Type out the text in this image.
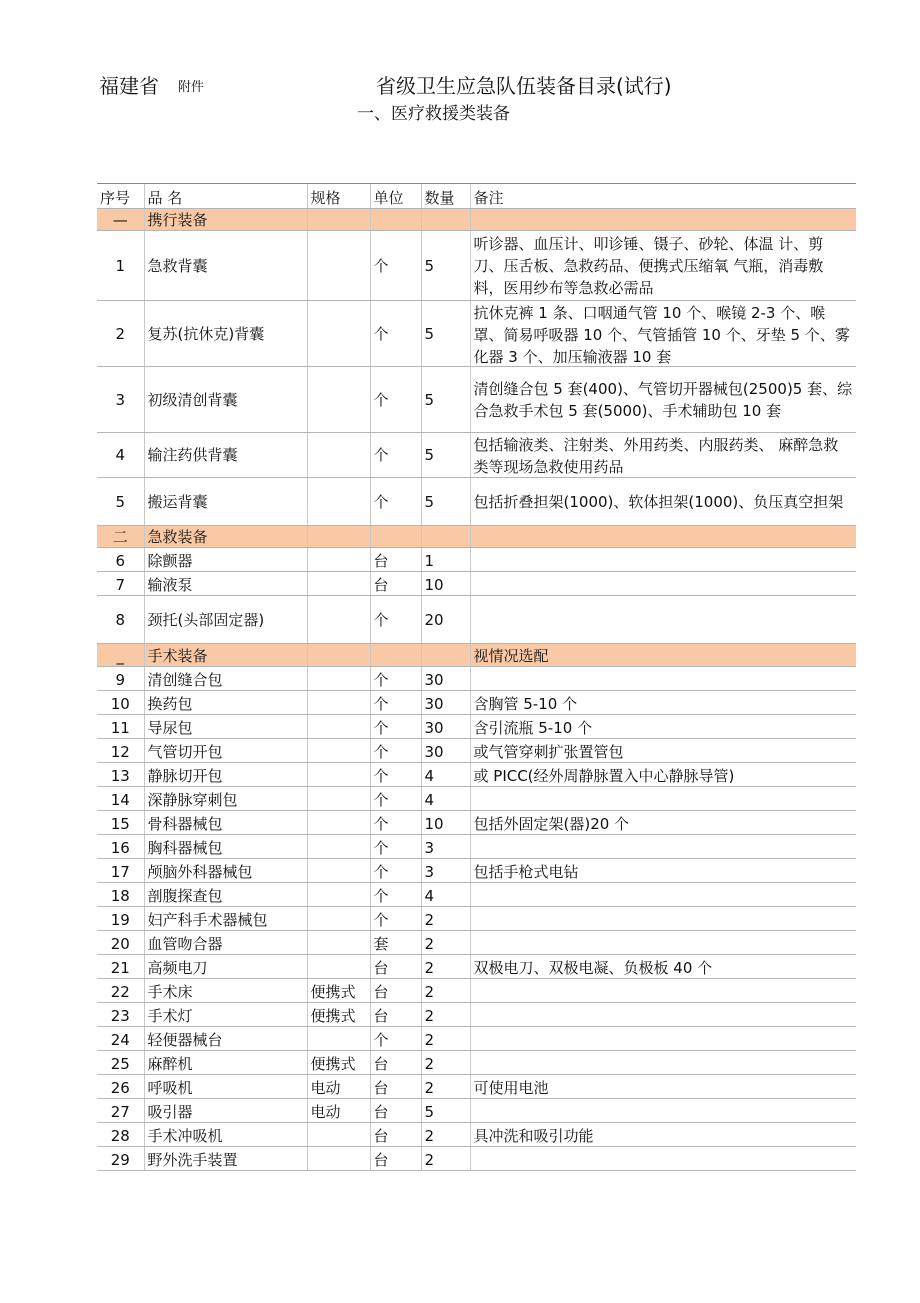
福建省 附件	省级卫生应急队伍装备目录(试行)
一、医疗救援类装备
序号	品 名	规格	单位	数量	备注
—	携行装备				
1	急救背囊		个	5	听诊器、血压计、叩诊锤、镊子、砂轮、体温 计、剪刀、压舌板、急救药品、便携式压缩氧 气瓶，消毒敷料，医用纱布等急救必需品

2	复苏(抗休克)背囊		个	5	抗休克裤 1 条、口咽通气管 10 个、喉镜 2-3 个、喉罩、简易呼吸器 10 个、气管插管 10 个、牙垫 5 个、雾化器 3 个、加压输液器 10 套

3	初级清创背囊		个	5	清创缝合包 5 套(400)、气管切开器械包(2500)5 套、综合急救手术包 5 套(5000)、手术辅助包 10 套

4	输注药供背囊		个	5	包括输液类、注射类、外用药类、内服药类、 麻醉急救类等现场急救使用药品

5	搬运背囊		个	5	包括折叠担架(1000)、软体担架(1000)、负压真空担架

二	急救装备				
6	除颤器		台	1	
7	输液泵		台	10	
8	颈托(头部固定器)		个	20	

_	手术装备				视情况选配
9	清创缝合包		个	30	
10	换药包		个	30	含胸管 5-10 个
11	导尿包		个	30	含引流瓶 5-10 个
12	气管切开包		个	30	或气管穿刺扩张置管包
13	静脉切开包		个	4	或 PICC(经外周静脉置入中心静脉导管)
14	深静脉穿刺包		个	4	
15	骨科器械包		个	10	包括外固定架(器)20 个
16	胸科器械包		个	3	
17	颅脑外科器械包		个	3	包括手枪式电钻
18	剖腹探查包		个	4	
19	妇产科手术器械包		个	2	
20	血管吻合器		套	2	
21	高频电刀		台	2	双极电刀、双极电凝、负极板 40 个
22	手术床	便携式	台	2	
23	手术灯	便携式	台	2	
24	轻便器械台		个	2	
25	麻醉机	便携式	台	2	
26	呼吸机	电动	台	2	可使用电池
27	吸引器	电动	台	5	
28	手术冲吸机		台	2	具冲洗和吸引功能
29	野外洗手装置		台	2	
